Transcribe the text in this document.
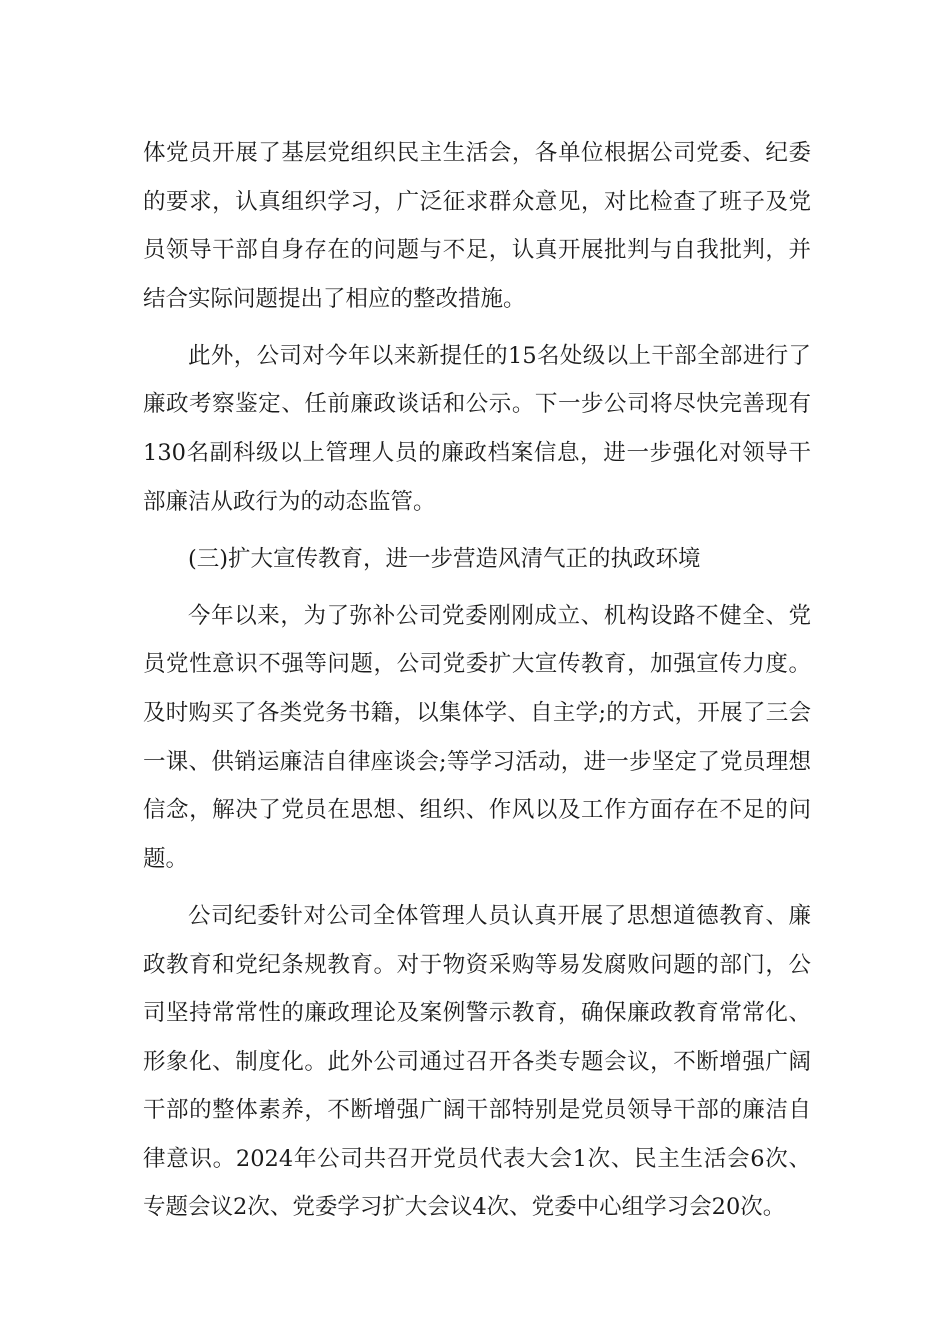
体党员开展了基层党组织民主生活会，各单位根据公司党委、纪委的要求，认真组织学习，广泛征求群众意见，对比检查了班子及党员领导干部自身存在的问题与不足，认真开展批判与自我批判，并结合实际问题提出了相应的整改措施。

此外，公司对今年以来新提任的15名处级以上干部全部进行了廉政考察鉴定、任前廉政谈话和公示。下一步公司将尽快完善现有130名副科级以上管理人员的廉政档案信息，进一步强化对领导干部廉洁从政行为的动态监管。

(三)扩大宣传教育，进一步营造风清气正的执政环境

今年以来，为了弥补公司党委刚刚成立、机构设路不健全、党员党性意识不强等问题，公司党委扩大宣传教育，加强宣传力度。及时购买了各类党务书籍，以集体学、自主学;的方式，开展了三会一课、供销运廉洁自律座谈会;等学习活动，进一步坚定了党员理想信念，解决了党员在思想、组织、作风以及工作方面存在不足的问题。

公司纪委针对公司全体管理人员认真开展了思想道德教育、廉政教育和党纪条规教育。对于物资采购等易发腐败问题的部门，公司坚持常常性的廉政理论及案例警示教育，确保廉政教育常常化、形象化、制度化。此外公司通过召开各类专题会议，不断增强广阔干部的整体素养，不断增强广阔干部特别是党员领导干部的廉洁自律意识。2024年公司共召开党员代表大会1次、民主生活会6次、专题会议2次、党委学习扩大会议4次、党委中心组学习会20次。
